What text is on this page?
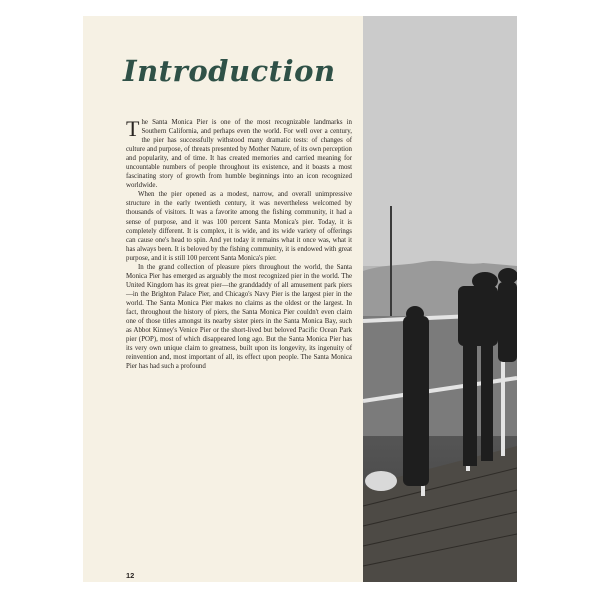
Introduction

The Santa Monica Pier is one of the most recognizable landmarks in Southern California, and perhaps even the world. For well over a century, the pier has successfully withstood many dramatic tests: of changes of culture and purpose, of threats presented by Mother Nature, of its own perception and popularity, and of time. It has created memories and carried meaning for uncountable numbers of people throughout its existence, and it boasts a most fascinating story of growth from humble beginnings into an icon recognized worldwide.

When the pier opened as a modest, narrow, and overall unimpressive structure in the early twentieth century, it was nevertheless welcomed by thousands of visitors. It was a favorite among the fishing community, it had a sense of purpose, and it was 100 percent Santa Monica's pier. Today, it is completely different. It is complex, it is wide, and its wide variety of offerings can cause one's head to spin. And yet today it remains what it once was, what it has always been. It is beloved by the fishing community, it is endowed with great purpose, and it is still 100 percent Santa Monica's pier.

In the grand collection of pleasure piers throughout the world, the Santa Monica Pier has emerged as arguably the most recognized pier in the world. The United Kingdom has its great pier—the granddaddy of all amusement park piers—in the Brighton Palace Pier, and Chicago's Navy Pier is the largest pier in the world. The Santa Monica Pier makes no claims as the oldest or the largest. In fact, throughout the history of piers, the Santa Monica Pier couldn't even claim one of those titles amongst its nearby sister piers in the Santa Monica Bay, such as Abbot Kinney's Venice Pier or the short-lived but beloved Pacific Ocean Park pier (POP), most of which disappeared long ago. But the Santa Monica Pier has its very own unique claim to greatness, built upon its longevity, its ingenuity of reinvention and, most important of all, its effect upon people. The Santa Monica Pier has had such a profound

12
